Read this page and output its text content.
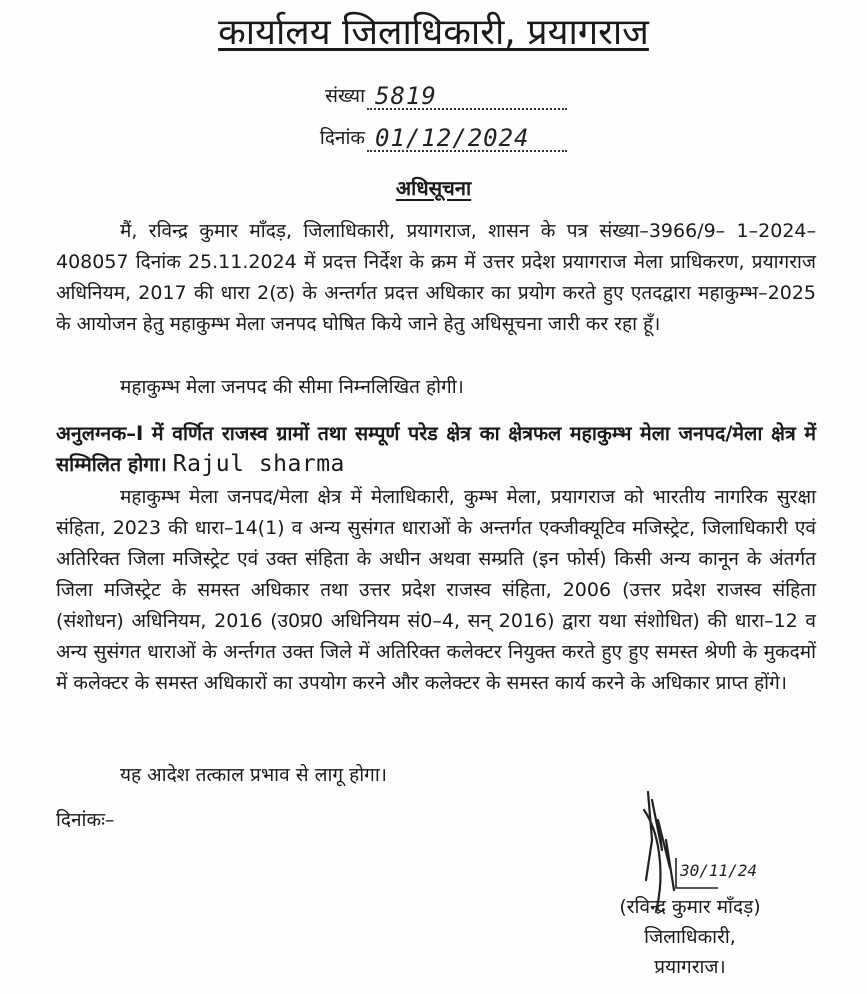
कार्यालय जिलाधिकारी, प्रयागराज
संख्या 5819
दिनांक 01/12/2024
अधिसूचना
मैं, रविन्द्र कुमार माँदड़, जिलाधिकारी, प्रयागराज, शासन के पत्र संख्या–3966/9– 1–2024–408057 दिनांक 25.11.2024 में प्रदत्त निर्देश के क्रम में उत्तर प्रदेश प्रयागराज मेला प्राधिकरण, प्रयागराज अधिनियम, 2017 की धारा 2(ठ) के अन्तर्गत प्रदत्त अधिकार का प्रयोग करते हुए एतदद्वारा महाकुम्भ–2025 के आयोजन हेतु महाकुम्भ मेला जनपद घोषित किये जाने हेतु अधिसूचना जारी कर रहा हूँ।
महाकुम्भ मेला जनपद की सीमा निम्नलिखित होगी।
अनुलग्नक–I में वर्णित राजस्व ग्रामों तथा सम्पूर्ण परेड क्षेत्र का क्षेत्रफल महाकुम्भ मेला जनपद/मेला क्षेत्र में सम्मिलित होगा। Rajul sharma
महाकुम्भ मेला जनपद/मेला क्षेत्र में मेलाधिकारी, कुम्भ मेला, प्रयागराज को भारतीय नागरिक सुरक्षा संहिता, 2023 की धारा–14(1) व अन्य सुसंगत धाराओं के अन्तर्गत एक्जीक्यूटिव मजिस्ट्रेट, जिलाधिकारी एवं अतिरिक्त जिला मजिस्ट्रेट एवं उक्त संहिता के अधीन अथवा सम्प्रति (इन फोर्स) किसी अन्य कानून के अंतर्गत जिला मजिस्ट्रेट के समस्त अधिकार तथा उत्तर प्रदेश राजस्व संहिता, 2006 (उत्तर प्रदेश राजस्व संहिता (संशोधन) अधिनियम, 2016 (उ0प्र0 अधिनियम सं0–4, सन् 2016) द्वारा यथा संशोधित) की धारा–12 व अन्य सुसंगत धाराओं के अर्न्तगत उक्त जिले में अतिरिक्त कलेक्टर नियुक्त करते हुए हुए समस्त श्रेणी के मुकदमों में कलेक्टर के समस्त अधिकारों का उपयोग करने और कलेक्टर के समस्त कार्य करने के अधिकार प्राप्त होंगे।
यह आदेश तत्काल प्रभाव से लागू होगा।
दिनांकः–
30/11/24
(रविन्द्र कुमार माँदड़)
जिलाधिकारी,
प्रयागराज।
